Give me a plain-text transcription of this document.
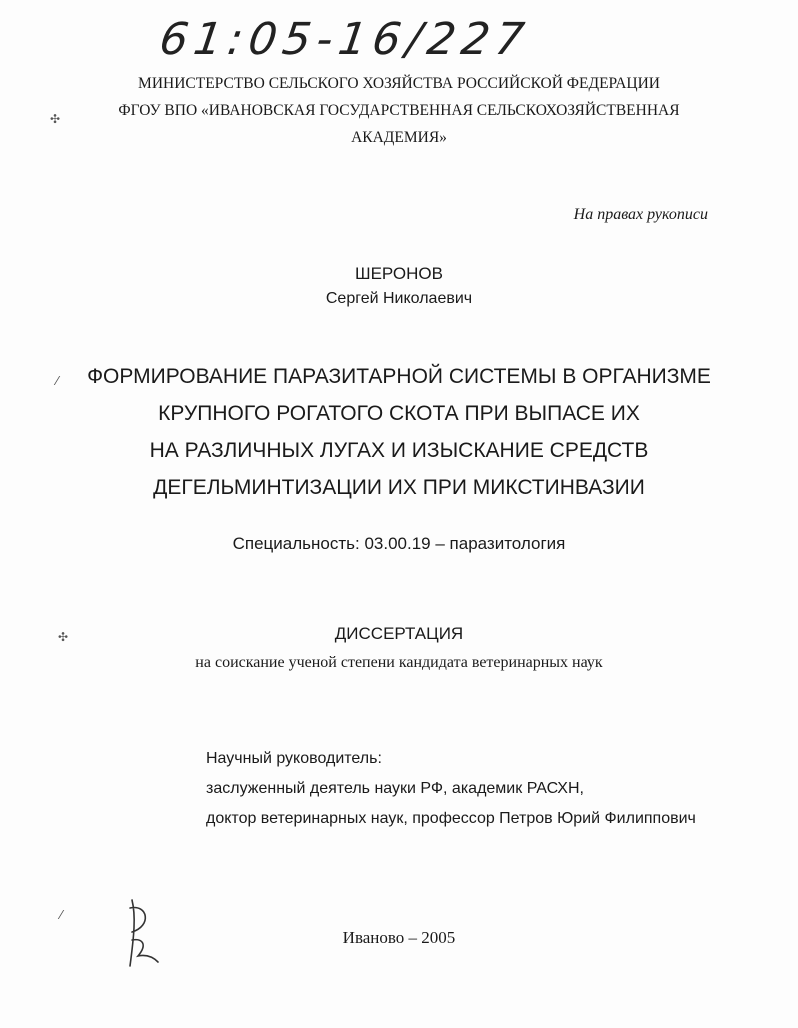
61:05-16/227
МИНИСТЕРСТВО СЕЛЬСКОГО ХОЗЯЙСТВА РОССИЙСКОЙ ФЕДЕРАЦИИ
ФГОУ ВПО «ИВАНОВСКАЯ ГОСУДАРСТВЕННАЯ СЕЛЬСКОХОЗЯЙСТВЕННАЯ
АКАДЕМИЯ»
На правах рукописи
ШЕРОНОВ
Сергей Николаевич
ФОРМИРОВАНИЕ ПАРАЗИТАРНОЙ СИСТЕМЫ В ОРГАНИЗМЕ
КРУПНОГО РОГАТОГО СКОТА ПРИ ВЫПАСЕ ИХ
НА РАЗЛИЧНЫХ ЛУГАХ И ИЗЫСКАНИЕ СРЕДСТВ
ДЕГЕЛЬМИНТИЗАЦИИ ИХ ПРИ МИКСТИНВАЗИИ
Специальность: 03.00.19 – паразитология
ДИССЕРТАЦИЯ
на соискание ученой степени кандидата ветеринарных наук
Научный руководитель:
заслуженный деятель науки РФ, академик РАСХН,
доктор ветеринарных наук, профессор Петров Юрий Филиппович
Иваново – 2005
✣
⁄
✣
⁄
